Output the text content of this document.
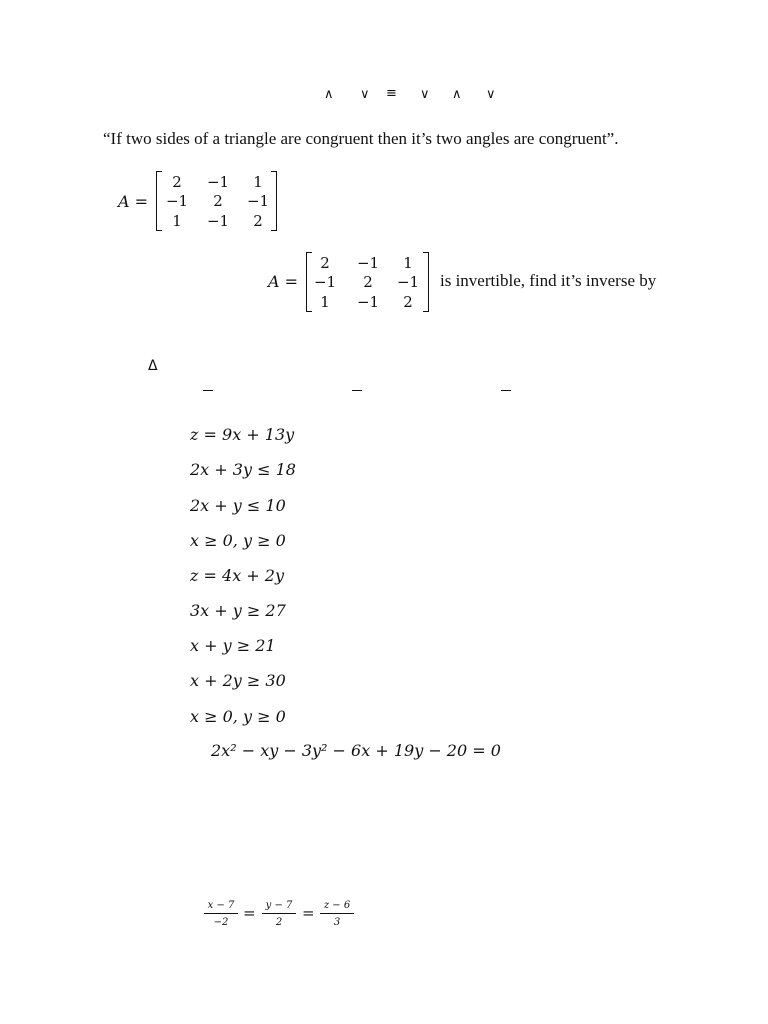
∧ ∨ ≡ ∨ ∧ ∨
“If two sides of a triangle are congruent then it’s two angles are congruent”.
A =
2	−1	1
−1	2	−1
1	−1	2
A =
2	−1	1
−1	2	−1
1	−1	2
is invertible, find it’s inverse by
Δ
z = 9x + 13y
2x + 3y ≤ 18
2x + y ≤ 10
x ≥ 0, y ≥ 0
z = 4x + 2y
3x + y ≥ 27
x + y ≥ 21
x + 2y ≥ 30
x ≥ 0, y ≥ 0
2x² − xy − 3y² − 6x + 19y − 20 = 0
x − 7
−2
=	y − 7
2
= z − 6
3
